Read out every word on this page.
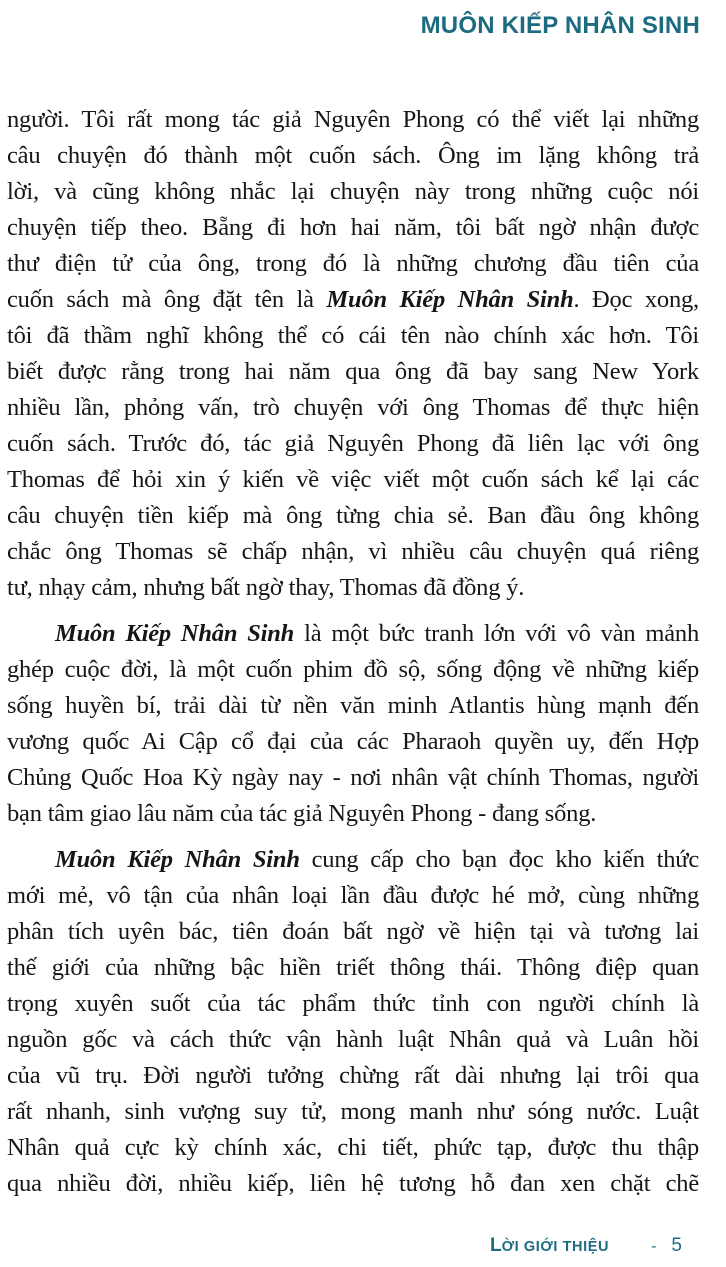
MUÔN KIẾP NHÂN SINH
người. Tôi rất mong tác giả Nguyên Phong có thể viết lại những
câu chuyện đó thành một cuốn sách. Ông im lặng không trả
lời, và cũng không nhắc lại chuyện này trong những cuộc nói
chuyện tiếp theo. Bẵng đi hơn hai năm, tôi bất ngờ nhận được
thư điện tử của ông, trong đó là những chương đầu tiên của
cuốn sách mà ông đặt tên là Muôn Kiếp Nhân Sinh. Đọc xong,
tôi đã thầm nghĩ không thể có cái tên nào chính xác hơn. Tôi
biết được rằng trong hai năm qua ông đã bay sang New York
nhiều lần, phỏng vấn, trò chuyện với ông Thomas để thực hiện
cuốn sách. Trước đó, tác giả Nguyên Phong đã liên lạc với ông
Thomas để hỏi xin ý kiến về việc viết một cuốn sách kể lại các
câu chuyện tiền kiếp mà ông từng chia sẻ. Ban đầu ông không
chắc ông Thomas sẽ chấp nhận, vì nhiều câu chuyện quá riêng
tư, nhạy cảm, nhưng bất ngờ thay, Thomas đã đồng ý.
Muôn Kiếp Nhân Sinh là một bức tranh lớn với vô vàn mảnh
ghép cuộc đời, là một cuốn phim đồ sộ, sống động về những kiếp
sống huyền bí, trải dài từ nền văn minh Atlantis hùng mạnh đến
vương quốc Ai Cập cổ đại của các Pharaoh quyền uy, đến Hợp
Chủng Quốc Hoa Kỳ ngày nay - nơi nhân vật chính Thomas, người
bạn tâm giao lâu năm của tác giả Nguyên Phong - đang sống.
Muôn Kiếp Nhân Sinh cung cấp cho bạn đọc kho kiến thức
mới mẻ, vô tận của nhân loại lần đầu được hé mở, cùng những
phân tích uyên bác, tiên đoán bất ngờ về hiện tại và tương lai
thế giới của những bậc hiền triết thông thái. Thông điệp quan
trọng xuyên suốt của tác phẩm thức tỉnh con người chính là
nguồn gốc và cách thức vận hành luật Nhân quả và Luân hồi
của vũ trụ. Đời người tưởng chừng rất dài nhưng lại trôi qua
rất nhanh, sinh vượng suy tử, mong manh như sóng nước. Luật
Nhân quả cực kỳ chính xác, chi tiết, phức tạp, được thu thập
qua nhiều đời, nhiều kiếp, liên hệ tương hỗ đan xen chặt chẽ
LỜI GIỚI THIỆU	- 5
